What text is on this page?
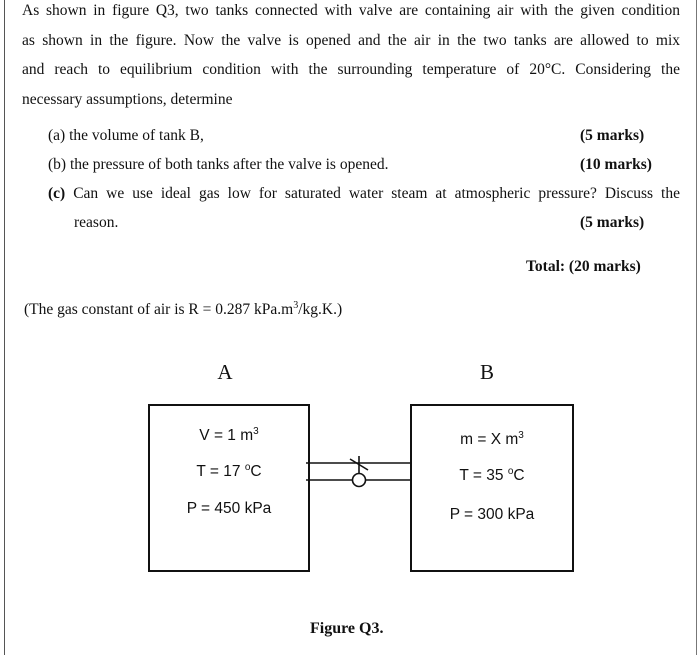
As shown in figure Q3, two tanks connected with valve are containing air with the given condition
as shown in the figure. Now the valve is opened and the air in the two tanks are allowed to mix
and reach to equilibrium condition with the surrounding temperature of 20°C. Considering the
necessary assumptions, determine
(a) the volume of tank B,	(5 marks)
(b) the pressure of both tanks after the valve is opened.	(10 marks)
(c) Can we use ideal gas low for saturated water steam at atmospheric pressure? Discuss the
reason.	(5 marks)
Total: (20 marks)
(The gas constant of air is R = 0.287 $kPa.m^3/kg.K$.)
A	B
V = 1 $m^3$
T = 17 $^o$C
P = 450 kPa
m = X $m^3$
T = 35 $^o$C
P = 300 kPa
Figure Q3.
